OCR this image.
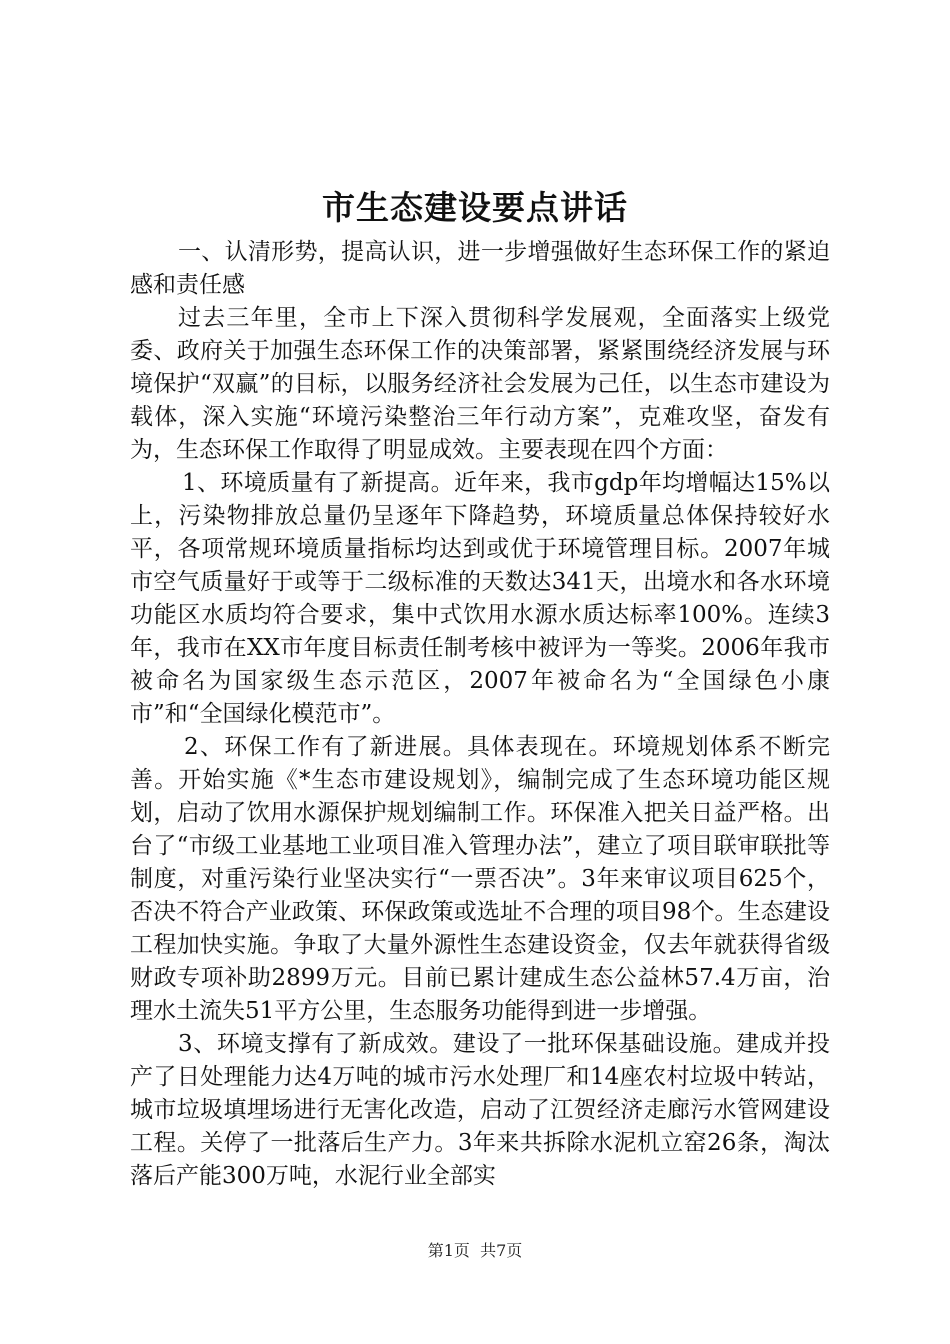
市生态建设要点讲话

一、认清形势，提高认识，进一步增强做好生态环保工作的紧迫感和责任感

过去三年里，全市上下深入贯彻科学发展观，全面落实上级党委、政府关于加强生态环保工作的决策部署，紧紧围绕经济发展与环境保护“双赢”的目标，以服务经济社会发展为己任，以生态市建设为载体，深入实施“环境污染整治三年行动方案”，克难攻坚，奋发有为，生态环保工作取得了明显成效。主要表现在四个方面：

1、环境质量有了新提高。近年来，我市gdp年均增幅达15%以上，污染物排放总量仍呈逐年下降趋势，环境质量总体保持较好水平，各项常规环境质量指标均达到或优于环境管理目标。2007年城市空气质量好于或等于二级标准的天数达341天，出境水和各水环境功能区水质均符合要求，集中式饮用水源水质达标率100%。连续3年，我市在XX市年度目标责任制考核中被评为一等奖。2006年我市被命名为国家级生态示范区，2007年被命名为“全国绿色小康市”和“全国绿化模范市”。

2、环保工作有了新进展。具体表现在。环境规划体系不断完善。开始实施《*生态市建设规划》，编制完成了生态环境功能区规划，启动了饮用水源保护规划编制工作。环保准入把关日益严格。出台了“市级工业基地工业项目准入管理办法”，建立了项目联审联批等制度，对重污染行业坚决实行“一票否决”。3年来审议项目625个，否决不符合产业政策、环保政策或选址不合理的项目98个。生态建设工程加快实施。争取了大量外源性生态建设资金，仅去年就获得省级财政专项补助2899万元。目前已累计建成生态公益林57.4万亩，治理水土流失51平方公里，生态服务功能得到进一步增强。

3、环境支撑有了新成效。建设了一批环保基础设施。建成并投产了日处理能力达4万吨的城市污水处理厂和14座农村垃圾中转站，城市垃圾填埋场进行无害化改造，启动了江贺经济走廊污水管网建设工程。关停了一批落后生产力。3年来共拆除水泥机立窑26条，淘汰落后产能300万吨，水泥行业全部实

第1页 共7页
